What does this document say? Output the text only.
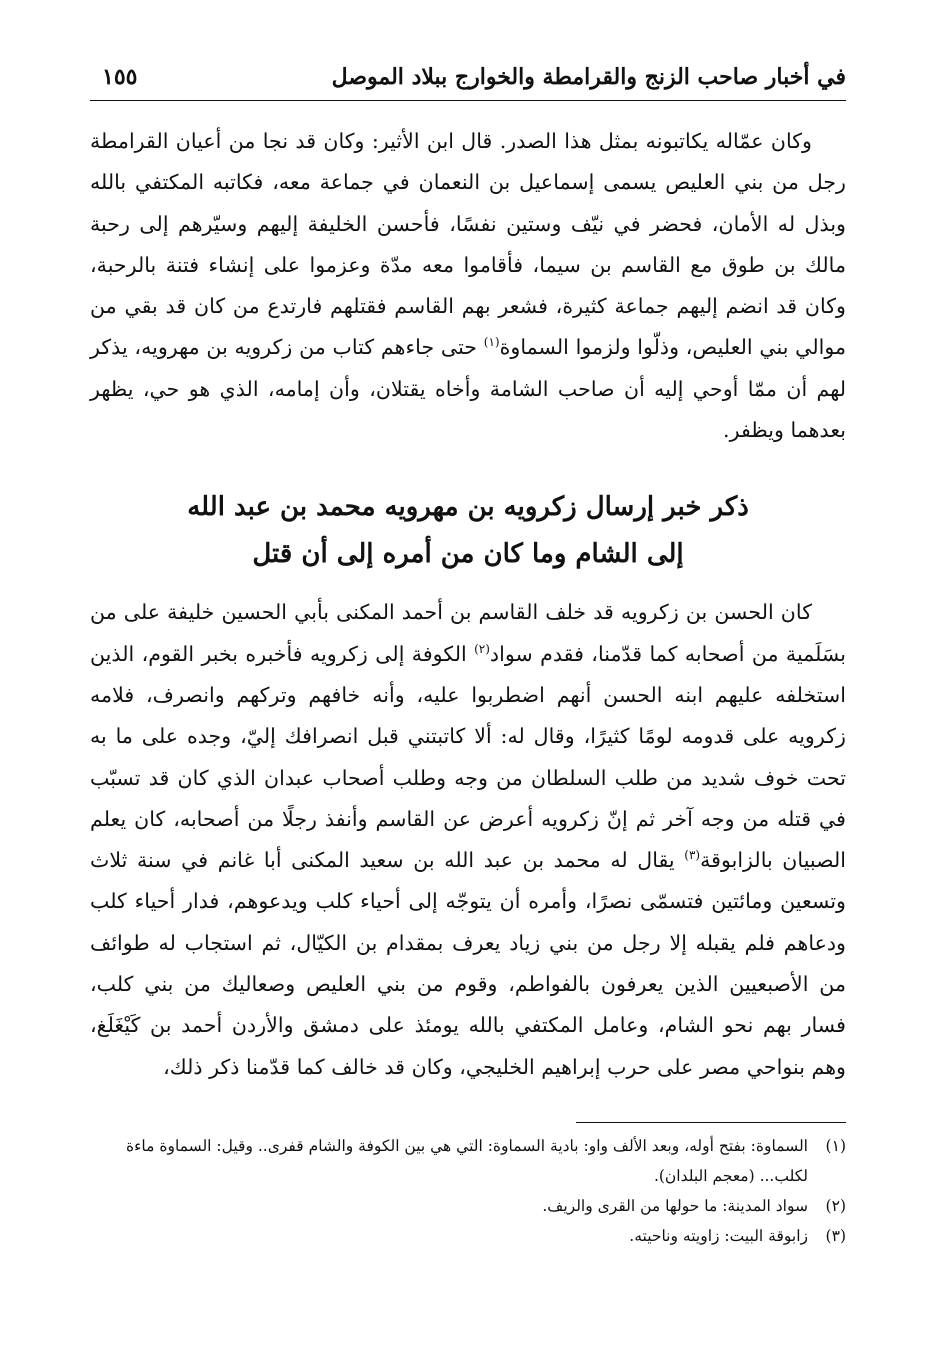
في أخبار صاحب الزنج والقرامطة والخوارج ببلاد الموصل
١٥٥

وكان عمّاله يكاتبونه بمثل هذا الصدر. قال ابن الأثير: وكان قد نجا من أعيان القرامطة رجل من بني العليص يسمى إسماعيل بن النعمان في جماعة معه، فكاتبه المكتفي بالله وبذل له الأمان، فحضر في نيّف وستين نفسًا، فأحسن الخليفة إليهم وسيّرهم إلى رحبة مالك بن طوق مع القاسم بن سيما، فأقاموا معه مدّة وعزموا على إنشاء فتنة بالرحبة، وكان قد انضم إليهم جماعة كثيرة، فشعر بهم القاسم فقتلهم فارتدع من كان قد بقي من موالي بني العليص، وذلّوا ولزموا السماوة$^{(١)}$ حتى جاءهم كتاب من زكرويه بن مهرويه، يذكر لهم أن ممّا أوحي إليه أن صاحب الشامة وأخاه يقتلان، وأن إمامه، الذي هو حي، يظهر بعدهما ويظفر.

ذكر خبر إرسال زكرويه بن مهرويه محمد بن عبد الله
إلى الشام وما كان من أمره إلى أن قتل

كان الحسن بن زكرويه قد خلف القاسم بن أحمد المكنى بأبي الحسين خليفة على من بسَلَمية من أصحابه كما قدّمنا، فقدم سواد$^{(٢)}$ الكوفة إلى زكرويه فأخبره بخبر القوم، الذين استخلفه عليهم ابنه الحسن أنهم اضطربوا عليه، وأنه خافهم وتركهم وانصرف، فلامه زكرويه على قدومه لومًا كثيرًا، وقال له: ألا كاتبتني قبل انصرافك إليّ، وجده على ما به تحت خوف شديد من طلب السلطان من وجه وطلب أصحاب عبدان الذي كان قد تسبّب في قتله من وجه آخر ثم إنّ زكرويه أعرض عن القاسم وأنفذ رجلًا من أصحابه، كان يعلم الصبيان بالزابوقة$^{(٣)}$ يقال له محمد بن عبد الله بن سعيد المكنى أبا غانم في سنة ثلاث وتسعين ومائتين فتسمّى نصرًا، وأمره أن يتوجّه إلى أحياء كلب ويدعوهم، فدار أحياء كلب ودعاهم فلم يقبله إلا رجل من بني زياد يعرف بمقدام بن الكيّال، ثم استجاب له طوائف من الأصبعيين الذين يعرفون بالفواطم، وقوم من بني العليص وصعاليك من بني كلب، فسار بهم نحو الشام، وعامل المكتفي بالله يومئذ على دمشق والأردن أحمد بن كَيْغَلَغ، وهم بنواحي مصر على حرب إبراهيم الخليجي، وكان قد خالف كما قدّمنا ذكر ذلك،

(١)
السماوة: بفتح أوله، وبعد الألف واو: بادية السماوة: التي هي بين الكوفة والشام قفرى.. وقيل: السماوة ماءة لكلب... (معجم البلدان).
(٢)
سواد المدينة: ما حولها من القرى والريف.
(٣)
زابوقة البيت: زاويته وناحيته.
